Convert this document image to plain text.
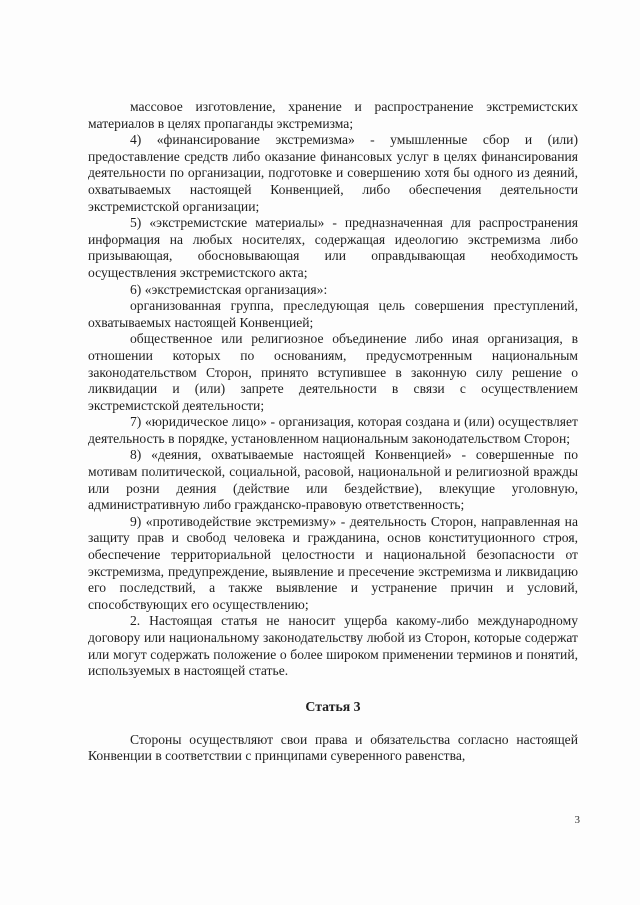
массовое изготовление, хранение и распространение экстремистских материалов в целях пропаганды экстремизма;

4) «финансирование экстремизма» - умышленные сбор и (или) предоставление средств либо оказание финансовых услуг в целях финансирования деятельности по организации, подготовке и совершению хотя бы одного из деяний, охватываемых настоящей Конвенцией, либо обеспечения деятельности экстремистской организации;

5) «экстремистские материалы» - предназначенная для распространения информация на любых носителях, содержащая идеологию экстремизма либо призывающая, обосновывающая или оправдывающая необходимость осуществления экстремистского акта;

6) «экстремистская организация»:

организованная группа, преследующая цель совершения преступлений, охватываемых настоящей Конвенцией;

общественное или религиозное объединение либо иная организация, в отношении которых по основаниям, предусмотренным национальным законодательством Сторон, принято вступившее в законную силу решение о ликвидации и (или) запрете деятельности в связи с осуществлением экстремистской деятельности;

7) «юридическое лицо» - организация, которая создана и (или) осуществляет деятельность в порядке, установленном национальным законодательством Сторон;

8) «деяния, охватываемые настоящей Конвенцией» - совершенные по мотивам политической, социальной, расовой, национальной и религиозной вражды или розни деяния (действие или бездействие), влекущие уголовную, административную либо гражданско-правовую ответственность;

9) «противодействие экстремизму» - деятельность Сторон, направленная на защиту прав и свобод человека и гражданина, основ конституционного строя, обеспечение территориальной целостности и национальной безопасности от экстремизма, предупреждение, выявление и пресечение экстремизма и ликвидацию его последствий, а также выявление и устранение причин и условий, способствующих его осуществлению;

2. Настоящая статья не наносит ущерба какому-либо международному договору или национальному законодательству любой из Сторон, которые содержат или могут содержать положение о более широком применении терминов и понятий, используемых в настоящей статье.

Статья 3

Стороны осуществляют свои права и обязательства согласно настоящей Конвенции в соответствии с принципами суверенного равенства,

3
